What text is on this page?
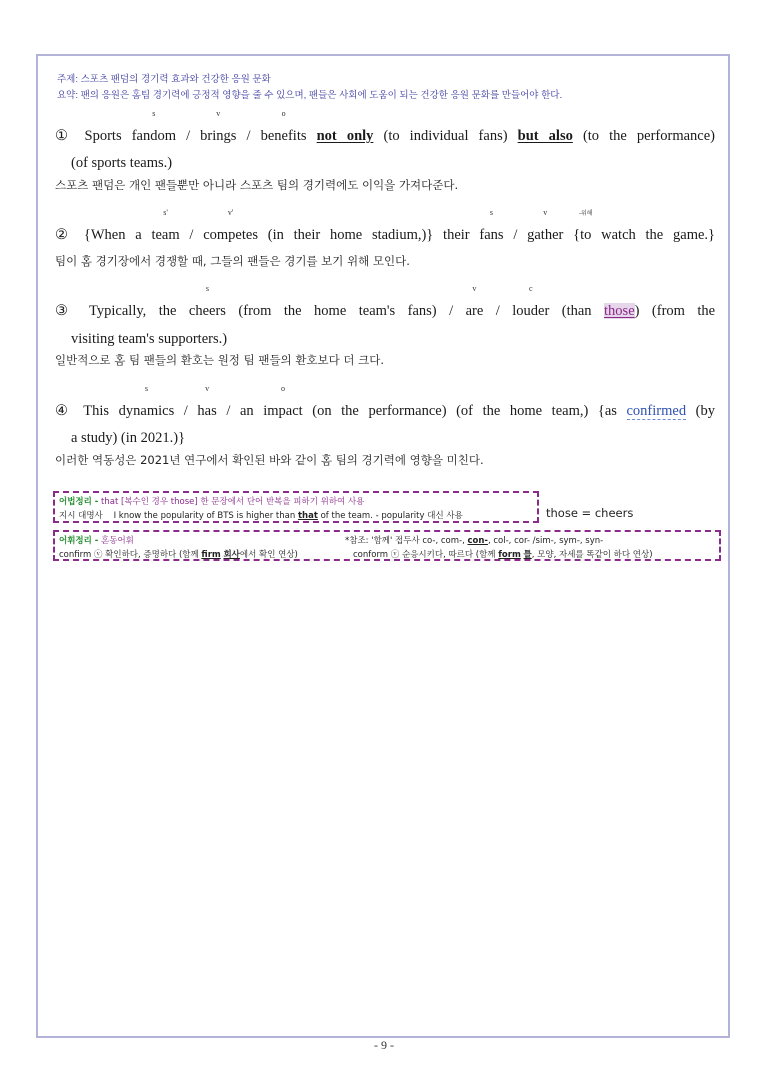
주제: 스포츠 팬덤의 경기력 효과와 건강한 응원 문화
요약: 팬의 응원은 홈팀 경기력에 긍정적 영향을 줄 수 있으며, 팬들은 사회에 도움이 되는 건강한 응원 문화를 만들어야 한다.
① Sports
s
fandom /
v
brings /
o
benefits not only (to individual fans) but also (to the performance)
(of sports teams.)
스포츠 팬덤은 개인 팬들뿐만 아니라 스포츠 팀의 경기력에도 이익을 가져다준다.
② {When a
s'
team /
v'
competes (in their home stadium,)} their
s
fans /
v
gather {
-위해
to watch the game.}
팀이 홈 경기장에서 경쟁할 때, 그들의 팬들은 경기를 보기 위해 모인다.
③ Typically, the
s
cheers (from the home team's fans) /
v
are /
c
louder (than those) (from the
visiting team's supporters.)
일반적으로 홈 팀 팬들의 환호는 원정 팀 팬들의 환호보다 더 크다.
④ This
s
dynamics /
v
has / an
o
impact (on the performance) (of the home team,) {as confirmed (by
a study) (in 2021.)}
이러한 역동성은 2021년 연구에서 확인된 바와 같이 홈 팀의 경기력에 영향을 미친다.
어법정리 - that [복수인 경우 those] 한 문장에서 단어 반복을 피하기 위하여 사용
지시 대명사 I know the popularity of BTS is higher than that of the team. - popularity 대신 사용	those = cheers
어휘정리 - 혼동어휘	*참조: '함께' 접두사 co-, com-, con-, col-, cor- /sim-, sym-, syn-
confirm ⓥ 확인하다, 증명하다 (함께 firm 회사에서 확인 연상)	conform ⓥ 순응시키다, 따르다 (함께 form 틀, 모양, 자세를 똑같이 하다 연상)
- 9 -
